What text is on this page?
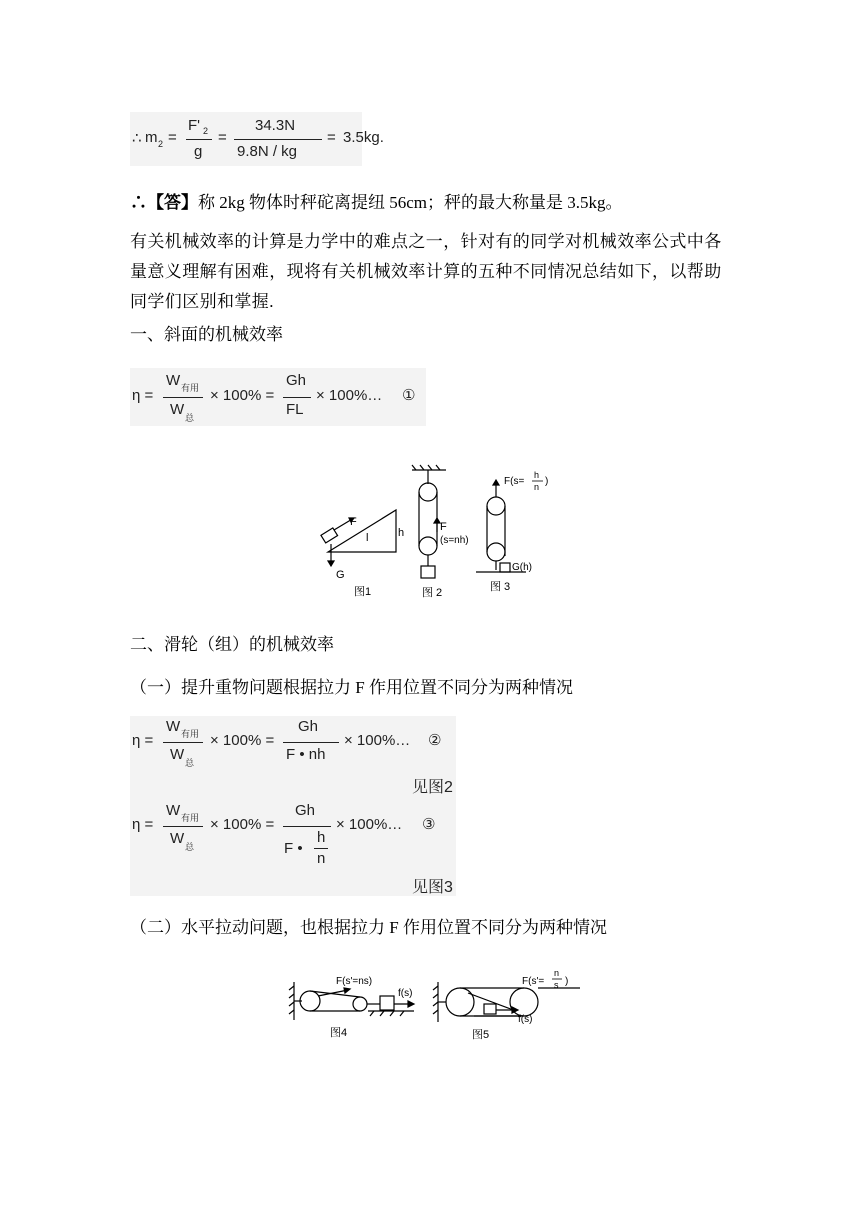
∴ m 2 =
F' 2
g
=
34.3N
9.8N / kg
= 3.5kg.
∴【答】称 2kg 物体时秤砣离提纽 56cm；秤的最大称量是 3.5kg。
有关机械效率的计算是力学中的难点之一，针对有的同学对机械效率公式中各量意义理解有困难，现将有关机械效率计算的五种不同情况总结如下，以帮助同学们区别和掌握.
一、斜面的机械效率
η =
W 有用
W 总
× 100% =
Gh
FL
× 100%… ①
F
l	h
G
图1
F
(s=nh)
图 2
F(s=
h
n )
G(h)
图 3
二、滑轮（组）的机械效率
（一）提升重物问题根据拉力 F 作用位置不同分为两种情况
η =
W 有用
W 总
× 100% =
Gh
F • nh
× 100%… ②
见图2
η =
W 有用
W 总
× 100% =
Gh
F •
h
n
× 100%… ③
见图3
（二）水平拉动问题，也根据拉力 F 作用位置不同分为两种情况
F(s'=ns)
f(s)
图4
F(s'=
n
s )
f(s)
图5
